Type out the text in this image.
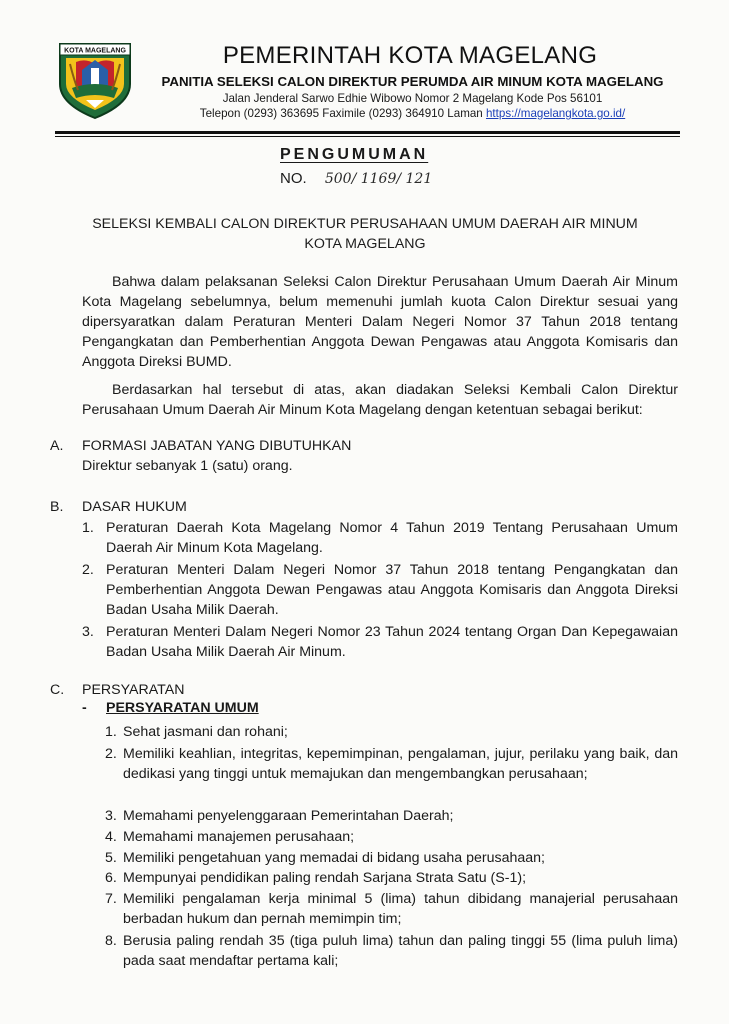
KOTA MAGELANG	PEMERINTAH KOTA MAGELANG
PANITIA SELEKSI CALON DIREKTUR PERUMDA AIR MINUM KOTA MAGELANG
Jalan Jenderal Sarwo Edhie Wibowo Nomor 2 Magelang Kode Pos 56101
Telepon (0293) 363695 Faximile (0293) 364910 Laman https://magelangkota.go.id/
PENGUMUMAN
NO. 500/ 1169/ 121
SELEKSI KEMBALI CALON DIREKTUR PERUSAHAAN UMUM DAERAH AIR MINUM
KOTA MAGELANG

Bahwa dalam pelaksanan Seleksi Calon Direktur Perusahaan Umum Daerah Air Minum Kota Magelang sebelumnya, belum memenuhi jumlah kuota Calon Direktur sesuai yang dipersyaratkan dalam Peraturan Menteri Dalam Negeri Nomor 37 Tahun 2018 tentang Pengangkatan dan Pemberhentian Anggota Dewan Pengawas atau Anggota Komisaris dan Anggota Direksi BUMD.

Berdasarkan hal tersebut di atas, akan diadakan Seleksi Kembali Calon Direktur Perusahaan Umum Daerah Air Minum Kota Magelang dengan ketentuan sebagai berikut:

A. FORMASI JABATAN YANG DIBUTUHKAN
Direktur sebanyak 1 (satu) orang.
B. DASAR HUKUM
1. Peraturan Daerah Kota Magelang Nomor 4 Tahun 2019 Tentang Perusahaan Umum Daerah Air Minum Kota Magelang.
2. Peraturan Menteri Dalam Negeri Nomor 37 Tahun 2018 tentang Pengangkatan dan Pemberhentian Anggota Dewan Pengawas atau Anggota Komisaris dan Anggota Direksi Badan Usaha Milik Daerah.
3. Peraturan Menteri Dalam Negeri Nomor 23 Tahun 2024 tentang Organ Dan Kepegawaian Badan Usaha Milik Daerah Air Minum.
C. PERSYARATAN
- PERSYARATAN UMUM
1. Sehat jasmani dan rohani;
2. Memiliki keahlian, integritas, kepemimpinan, pengalaman, jujur, perilaku yang baik, dan dedikasi yang tinggi untuk memajukan dan mengembangkan perusahaan;
3. Memahami penyelenggaraan Pemerintahan Daerah;
4. Memahami manajemen perusahaan;
5. Memiliki pengetahuan yang memadai di bidang usaha perusahaan;
6. Mempunyai pendidikan paling rendah Sarjana Strata Satu (S-1);
7. Memiliki pengalaman kerja minimal 5 (lima) tahun dibidang manajerial perusahaan berbadan hukum dan pernah memimpin tim;
8. Berusia paling rendah 35 (tiga puluh lima) tahun dan paling tinggi 55 (lima puluh lima) pada saat mendaftar pertama kali;
